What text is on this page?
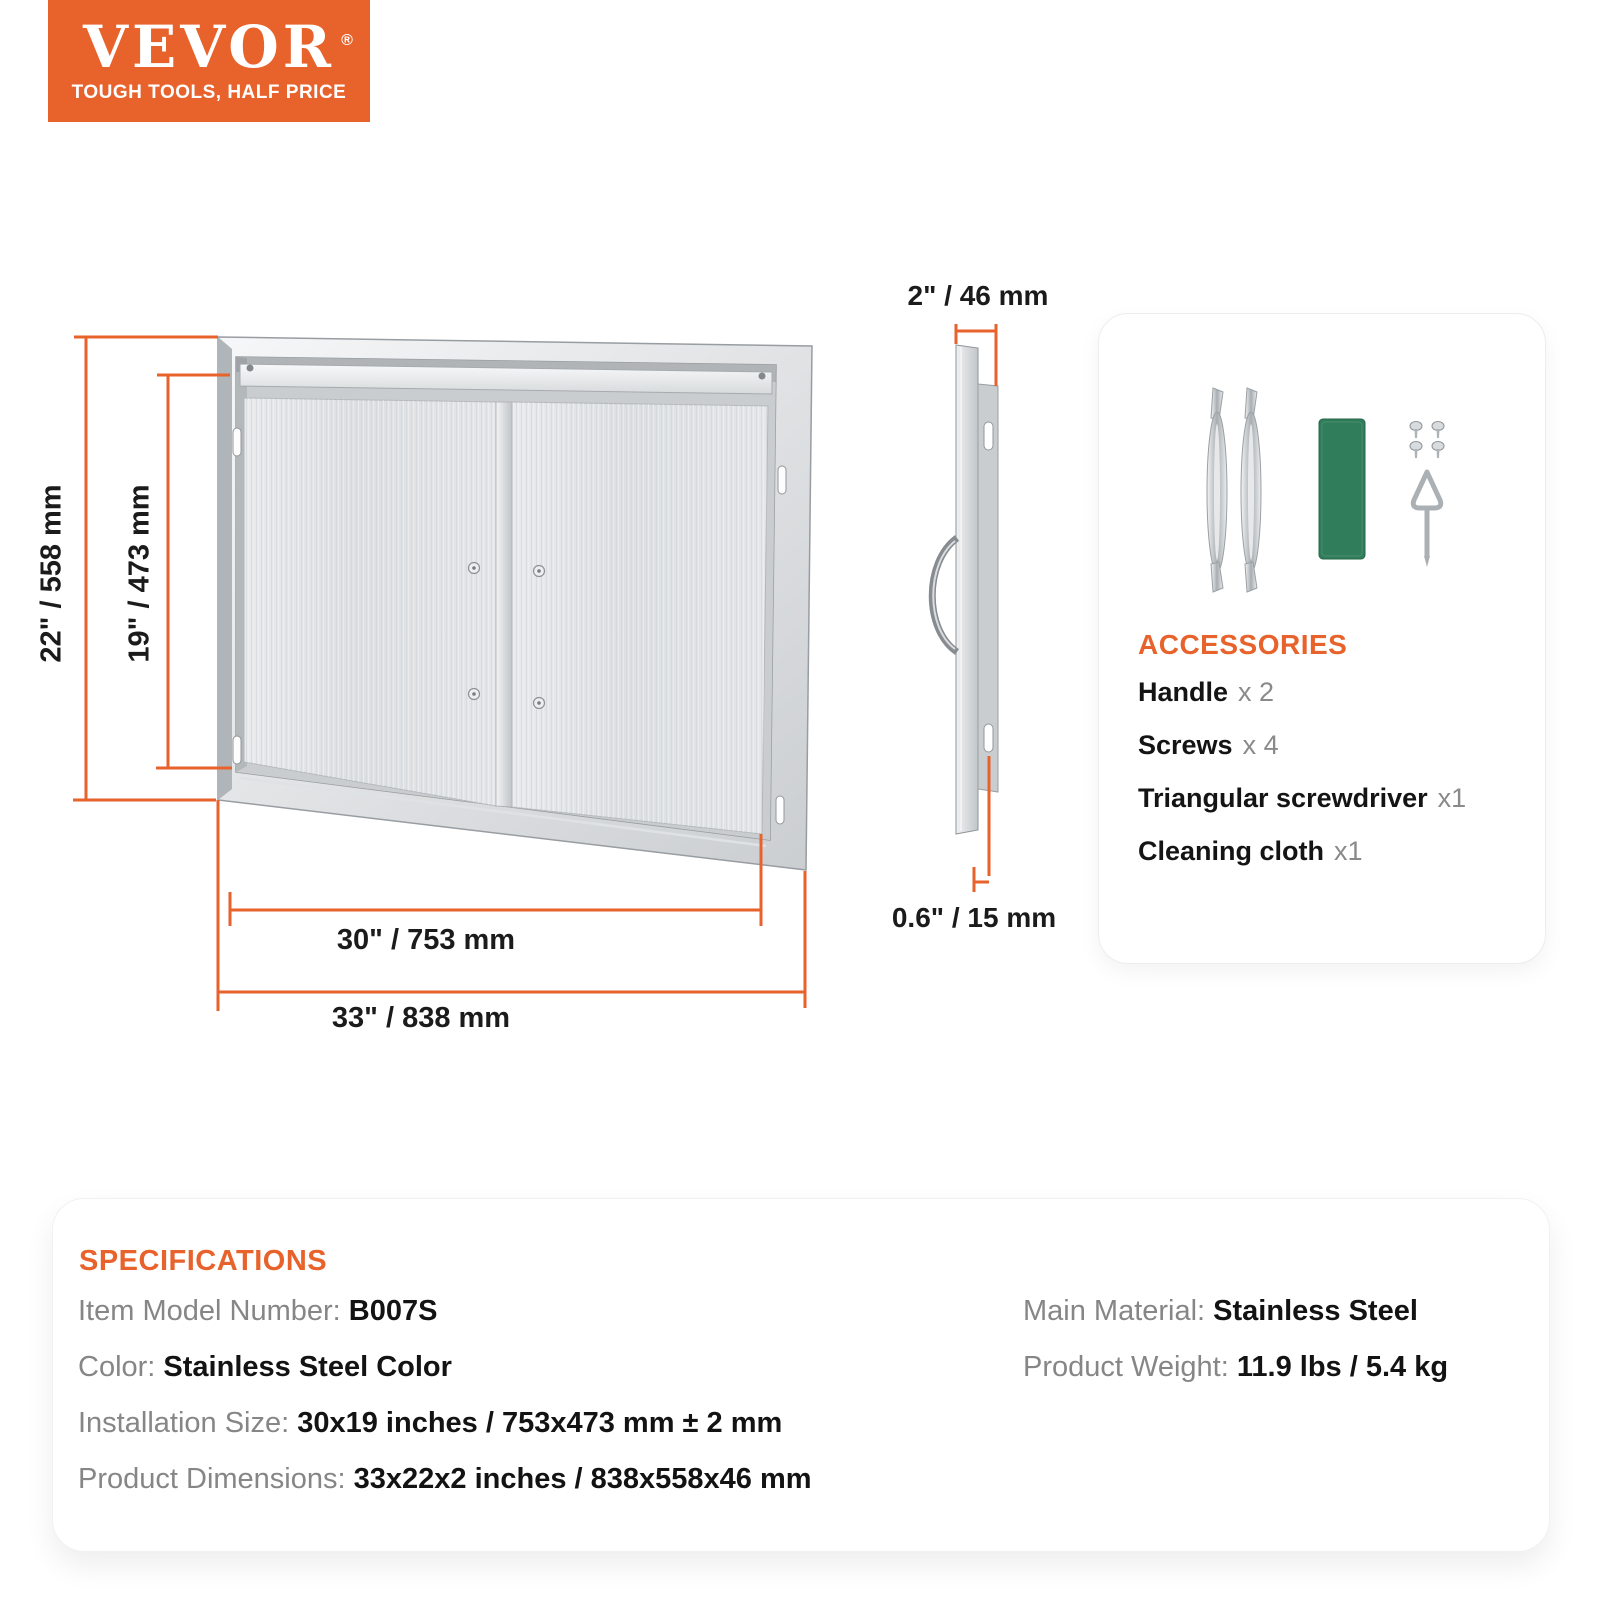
VEVOR ®
TOUGH TOOLS, HALF PRICE
22" / 558 mm 19" / 473 mm
30" / 753 mm
33" / 838 mm
2" / 46 mm
0.6" / 15 mm
ACCESSORIES
Handle x 2
Screws x 4
Triangular screwdriver x1
Cleaning cloth x1
SPECIFICATIONS
Item Model Number: B007S
Color: Stainless Steel Color
Installation Size: 30x19 inches / 753x473 mm ± 2 mm
Product Dimensions: 33x22x2 inches / 838x558x46 mm
Main Material: Stainless Steel
Product Weight: 11.9 lbs / 5.4 kg
